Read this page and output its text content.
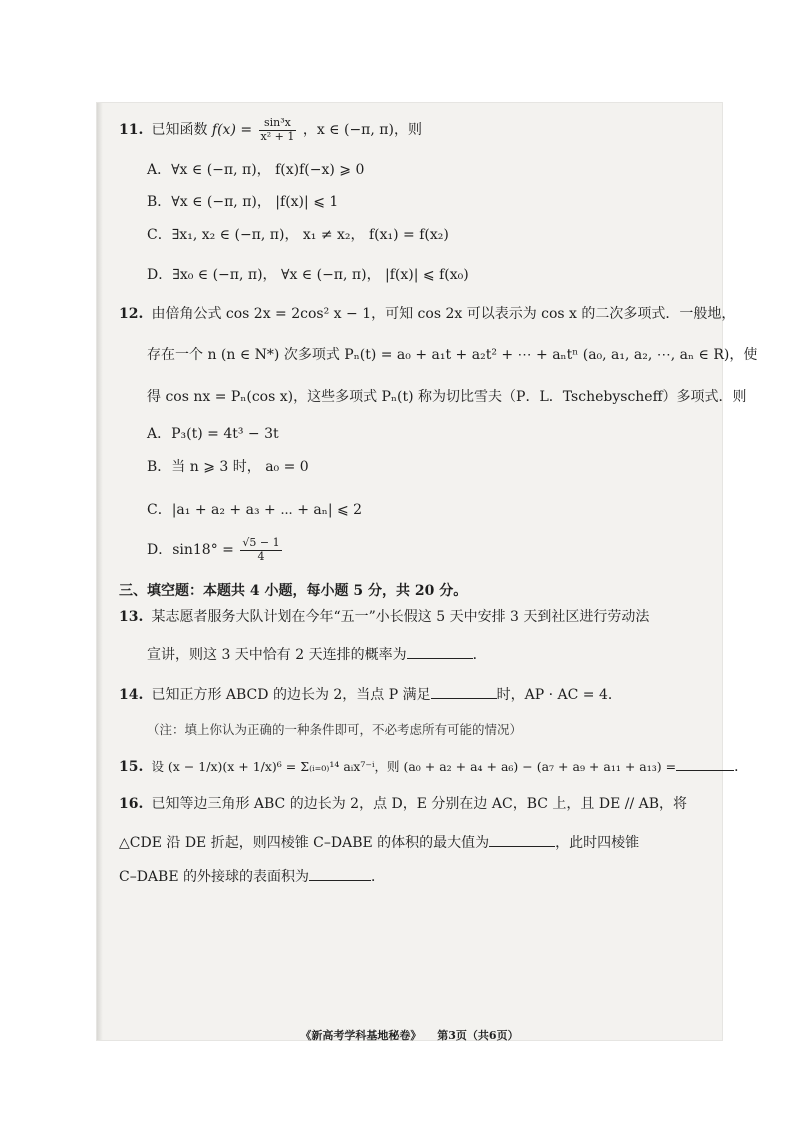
11. 已知函数 $f(x) = \frac{\text{sin³x}}{\text{x² + 1}}$ ，x ∈ (−π, π)，则
A．∀x ∈ (−π, π)， f(x)f(−x) ⩾ 0
B．∀x ∈ (−π, π)， |f(x)| ⩽ 1
C．∃x₁, x₂ ∈ (−π, π)， x₁ ≠ x₂， f(x₁) = f(x₂)
D．∃x₀ ∈ (−π, π)， ∀x ∈ (−π, π)， |f(x)| ⩽ f(x₀)
12. 由倍角公式 cos 2x = 2cos² x − 1，可知 cos 2x 可以表示为 cos x 的二次多项式．一般地，
存在一个 n (n ∈ N*) 次多项式 Pₙ(t) = a₀ + a₁t + a₂t² + ⋯ + aₙtⁿ (a₀, a₁, a₂, ⋯, aₙ ∈ R)，使
得 cos nx = Pₙ(cos x)，这些多项式 Pₙ(t) 称为切比雪夫（P．L．Tschebyscheff）多项式．则
A．P₃(t) = 4t³ − 3t
B．当 n ⩾ 3 时， a₀ = 0
C．|a₁ + a₂ + a₃ + ⋯ + aₙ| ⩽ 2
D．$\sin 18^\circ = \frac{√5 - 1}{4}$
三、填空题：本题共 4 小题，每小题 5 分，共 20 分。
13. 某志愿者服务大队计划在今年“五一”小长假这 5 天中安排 3 天到社区进行劳动法
宣讲，则这 3 天中恰有 2 天连排的概率为	．
14. 已知正方形 ABCD 的边长为 2，当点 P 满足	时，AP · AC = 4．
（注：填上你认为正确的一种条件即可，不必考虑所有可能的情况）
15. 设 (x − 1/x)(x + 1/x)⁶ = Σ₍ᵢ₌₀₎¹⁴ aᵢx⁷⁻ⁱ，则 (a₀ + a₂ + a₄ + a₆) − (a₇ + a₉ + a₁₁ + a₁₃) =	．
16. 已知等边三角形 ABC 的边长为 2，点 D，E 分别在边 AC，BC 上，且 DE // AB，将
△CDE 沿 DE 折起，则四棱锥 C–DABE 的体积的最大值为	，此时四棱锥
C–DABE 的外接球的表面积为	．
《新高考学科基地秘卷》 第3页（共6页）
